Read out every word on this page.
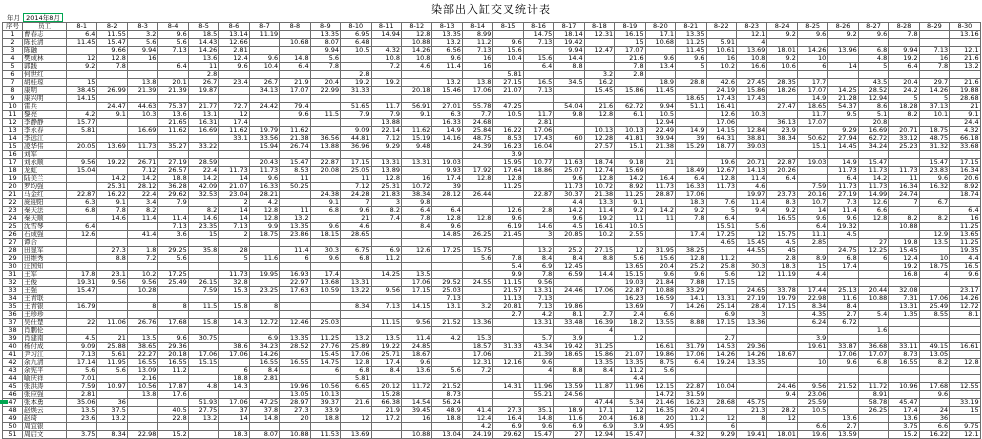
染部出入缸交叉统计表
年月 2014年8月
序号	员工	8-1	8-2	8-3	8-4	8-5	8-6	8-7	8-8	8-9	8-10	8-11	8-12	8-13	8-14	8-15	8-16	8-17	8-18	8-19	8-20	8-21	8-22	8-23	8-24	8-25	8-26	8-27	8-28	8-29	8-30
1	曹春志	6.4	11.55	3.2	9.6	18.5	13.14	11.19		13.35	6.95	14.94	12.8	13.35	8.99		14.75	18.14	12.31	16.15	17.1	13.35		12.1	9.2	9.6	9.2	9.6	7.8		13.16
2	陈长清	11.45	15.47	5.6	5.6	14.43	12.66		10.68	8.07	6.48		10.88	13.2	11.2	9.6	7.13	19.42		15	10.68	11.25	5.91	4							
3	陈融		9.66	9.94	7.13	14.26	2.81			9.94	10.5	4.32	14.26	6.56	7.13	15.6		9.94	12.47	17.07		11.45	10.61	13.69	18.01	14.26	13.96	6.8	9.94	7.13	12.1
4	樊成林	12	12.8	16		13.6	12.4	9.6	14.8	5.6		10.8	10.8	9.6	16	10.4	15.6	14.4		21.6	9.6	9.6	16	10.8	9.2	10		4.8	19.2	16	21.6
5	郭践	9.2	7.8		6.4	11	9.6	10.4	6.4	7.8		7.2	4.6	11.4	16		6.4	8.8		7.8	13.4	5	10.2	16.6	10.6	6	14	5	6.4	7.8	13.2
6	何世红					2.8					2.8					5.81			3.2	2.8											
7	胡桂琼	15		13.8	20.1	26.7	23.4	26.7	21.9	20.4	19.2	19.2		13.2	13.8	27.15	16.5	34.5	16.2		18.9	28.8	42.6	27.45	28.35	17.7		43.5	20.4	29.7	21.6
8	康明	38.45	26.99	21.39	21.39	19.87		34.13	17.07	22.99	31.33		20.18	15.46	17.06	21.07	7.13		15.45	15.86	11.45		24.19	15.86	18.26	17.07	14.25	28.52	24.2	14.26	19.88
9	康兴明	14.15																				18.65	17.43	17.43		14.9	21.28	12.94	5	5	28.68
10	雷兵		24.47	44.63	75.37	21.77	72.7	24.42	79.4		51.65	11.7	56.91	27.01	55.78	47.25		54.04	21.6	62.72	9.94	51.1	16.41		27.47	18.65	54.37	8.6	18.28	37.13	21
11	黎亮	4.2	9.1	10.3	13.6	13.1	12		9.6	11.5	7.9	7.9	9.1	6.3	7.7	10.5	11.7	9.8	12.8	6.1	10.5		12.6	10.3		11.7	9.5	5.1	8.2	10.1	9.1
12	李静静	15.77			21.65	16.31	17.4					13.88		16.33	24.68		2.81				12.94		17.06		36.13	17.07		20.8			24.4
13	李永春	5.81		16.69	11.62	16.69	11.62	19.79	11.62		9.09	22.14	11.62	14.9	25.84	16.22	17.06		10.13	10.13	22.49	14.9	14.15	12.84	23.9		9.29	16.69	20.71	18.75	4.32
14	李远江						33.1	33.56	21.38	36.56	44.81	7.12	15.19	14.16	48.75	8.53	17.43	60	12.28	41.81	39.94	39	64.31	38.81	38.34	50.62	27.94	62.72	33.12	48.75	66.18
15	凌华伟	20.05	13.69	11.73	35.27	33.22		15.94	26.74	13.88	36.96	9.29	9.48		24.39	16.23	16.04		27.57	15.1	21.38	15.29	18.77	39.03		15.1	14.45	34.24	25.23	31.32	33.68
16	刘军															3.9															
17	刘永顺	9.56	19.22	26.71	27.19	28.59		20.43	15.47	22.87	17.15	13.31	13.31	19.03		15.95	10.77	11.63	18.74	9.18	21		19.6	20.71	22.87	19.03	14.9	15.47		15.47	17.15
18	龙虹	15.04		7.12	26.57	22.4	11.73	11.73	8.53	20.08	25.05	13.89		9.93	17.92	17.64	18.86	25.07	12.74	15.69		18.49	12.67	14.13	20.26		11.73	11.73	11.73	23.83	16.34
19	陆美兰		14.2	14.2	18.8	14.2	14	9.6	11		11	12.8	16	17.4	12.8	12.8		9.6	12.8	14.2	16.4	6.4	12.8	11.4	6.4		6.4	14.2	11	9.6	20.6
20	罗均强		25.31	28.12	36.28	42.09	21.07	16.33	50.25		7.12	25.31	10.72	39		11.25		11.73	10.72	8.92	11.73	16.33	11.73	4.6		7.59	11.73	11.73	16.34	16.32	8.92
21	马金红	22.87	16.22	22.4	29.62	32.53	23.04	28.21		24.38	24.28	21.83	38.34	28.12	26.44		22.87	30.37	21.38	11.25	28.87	17.06		19.97	23.73	20.16	27.19	14.99	24.74		18.74
22	庞迎阳	6.3	9.1	3.4	7.9		2	4.2		9.1	7	3	9.8					4.4	13.3	9.1		18.3	7.6	11.4	8.3	10.7	7.3	12.6	7	6.7	
23	秦天法	6.8	7.8	8.2		8.2	14	12.8	11	6.8	9.6	8.2	6.4	6.4		12.6	2.8	14.2	11.4	9.2	14.2	9.2	5	9.4	9.2	14	11.4	6.6			6.4
24	秦天顺		14.6	11.4	11.4	14.6	14	12.8	13.2		21	7.4	7.8	12.8	12.8	9.6		9.6	19.2	11	11	7.8	6.4		16.55	9.6	9.6	12.8	8.2	8.2	16
25	沈雪琴	6.4			7.13	23.35	7.13	9.9	13.35	9.6	4.6		8.4	9.6		6.19	14.6	4.5	16.41	10.5			15.51	5.6		6.4	19.32		10.88		11.25
26	石成强	12.6		41.4	3.6	15	2	18.75	23.86	18.15	28.65			14.85	26.25	21.45	3	20.85	10.2	2.55		17.4	17.25	12	15.75	11.1	4.5			12.9	13.65
27	谭合																						4.65	15.45	4.5	2.85		27	19.8	13.5	11.25
28	田显军		27.3	1.8	29.25	35.8	28		11.4	30.3	6.75	6.9	12.6	17.25	15.75		13.2	25.2	27.15	12	31.95	38.25		44.55	45		24.75	12.25	15.45		19.35
29	田维秀		8.8	7.2	5.6		5	11.6	6	9.6	6.8	11.2			5.6	7.8	8.4	8.4	8.8	5.6	15.6	12.8	11.2		2.8	8.9	6.8	6	12.4	10	4.4
30	汪国知															5.4	6.9	12.45		13.65	20.4	25.2	25.8	30.3	18.3	15	17.4		19.2	18.75	16.5
31	王军	17.8	23.1	10.2	17.25		11.73	19.95	16.93	17.4		14.25	13.5			9.9	7.8	6.59	14.4	15.15	9.6	9.6	5.6	12	11.19	4.4			16.8	4	9.6
32	王俊	19.31	9.56	9.56	25.49	26.15	32.8		22.97	13.68	13.31		17.06	29.52	24.55	11.15	9.56			19.03	21.84	7.88	17.15								
33	王强	15.47		10.28		7.59	15.3	23.25	17.63	10.59	13.22	9.56	17.15	25.03		21.57	13.31	24.46	17.06	22.87	10.88	33.29		24.65	33.78	17.44	25.13	20.44	32.08		23.17
34	王青联													7.13		11.13	7.13			16.23	16.59	14.1	13.31	27.19	19.79	22.98	11.6	10.88	7.31	17.06	14.26
35	王青银	16.79		8	8	11.5	15.8	8			8.34	7.13	14.15	13.1	3.2	20.81	7.13	19.86		13.69	7	14.26	25.14	28.4	17.15	8.34	8.4		13.31	25.49	12.72
36	王珍珍															2.7	4.2	8.1	2.7	2.4	6.6		6.9	3		4.35	2.7	5.4	1.35	8.55	8.1
37	吴仕楚	22	11.06	26.76	17.68	15.8	14.3	12.72	12.46	25.03		11.15	9.56	21.52	13.36		13.31	33.48	16.39	18.2	13.55	8.88	17.15	13.36		6.24	6.72				
38	肖鹏伦																		4									1.6			
39	肖建南	4.5	21	13.5	9.6	30.75		6.9	13.35	11.25	13.2	13.5	11.4	4.2	15.3		5.7	3.9		1.2			2.7			3.9					
40	杨付成	9.09	25.88	38.65	29.36		38.6	34.23	28.52	27.76	25.89	19.22	24.85		18.57	31.33	43.34	19.42	31.25		16.61	31.79	14.53	29.36		19.61	33.87	36.68	33.11	49.15	16.61
41	尹习江	7.13	5.61	22.27	20.18	17.06	17.06	14.26		15.45	17.06	25.71	18.67		17.06		21.39	18.65	15.86	21.07	19.86	17.06	14.26	14.26	18.67		17.06	17.07	8.73	13.05	
42	余九清	17.14	11.95	16.55	16.55	15.15		16.55	16.55	14.75	12.8	17.4	9.6		12.31	12.16	9.6		13.35	13.35	8.75	6.4	19.24	13.35		10	9.6	6.8	16.55	8.2	12.8
43	余宪平	5.6	5.6	13.09	11.2		6	8.4		6	6.8	8.4	13.6	5.6	7.2		4	8.8	8.4	11.2	5.6										
44	喻庆祥	7.01		2.16			18.8	2.81			5.81									4.4											
45	张洪涛	7.59	10.97	10.56	17.87	4.8	14.3		19.96	10.56	6.65	20.12	11.72	21.52		14.31	11.96	13.59	11.87	11.96	12.15	22.87	10.04		24.46	9.56	21.52	11.72	10.96	17.68	12.55
46	张应强	2.81		13.8	17.6				13.05	10.13		15.28		8.73			55.21	24.56			14.72	31.59			9.4	23.06		8.91		9.6	
47	张本勇	35.06	36			51.93	17.06	47.25	28.97	39.37	21.6	66.38	14.54	56.24					47.44	5.34	21.46	16.23	28.68	45.75		25.59		58.78	45.47		33.19
48	赵焕云	13.5	37.5		40.5	27.75	37	37.8	27.3	33.9		21.9	39.45	48.9	41.4	27.3	35.1	18.9	17.1	12	16.35	20.4		21.3	28.2	10.5		26.25	17.4	24	15
49	赵琦	23.6	13.2		22.8	13.2	14	14.8	20	18.8	12	17.2	16	18.8	12.4	16.4	14.8	11.6	20.4	16.8	20	11.2	12	8	12		13.6		13.6	36	
50	周宜银														4.2	6.9	9.6	6.9	6.9	3.9	4.95		6			6.6	2.7		3.75	6.6	9.75
51	周启文	3.75	8.34	22.98	15.2		18.3	8.07	10.88	11.53	13.69		10.88	13.04	24.19	29.62	15.47	27	12.94	15.47		4.32	9.29	19.41	18.01	19.6	13.59		15.2	16.22	12.1
